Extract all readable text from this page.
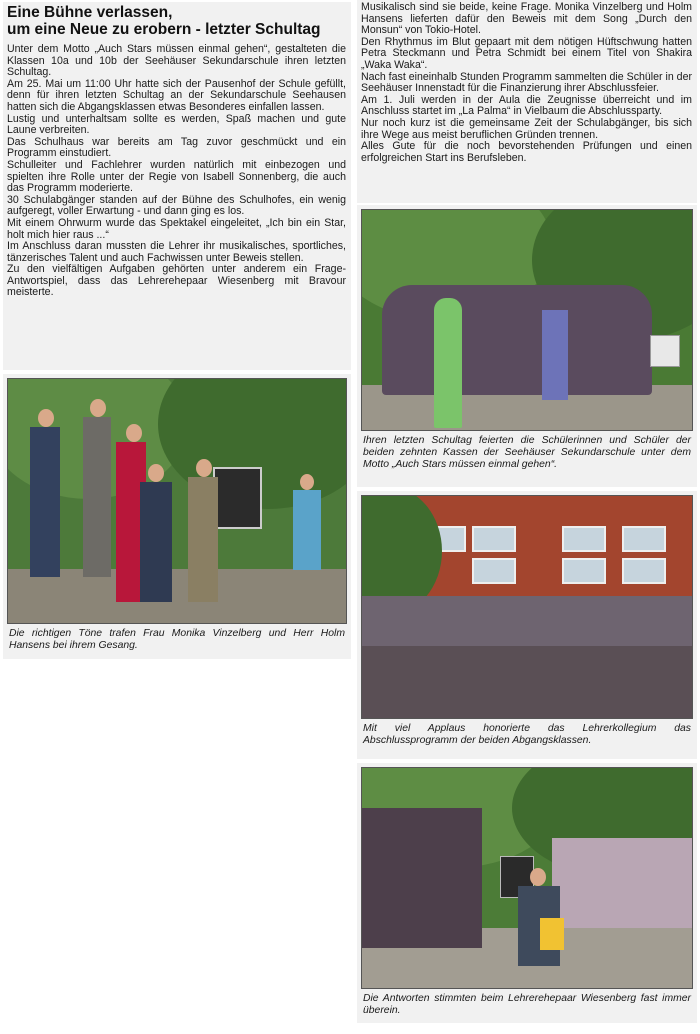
Eine Bühne verlassen,
um eine Neue zu erobern - letzter Schultag

Unter dem Motto „Auch Stars müssen einmal gehen“, gestalteten die Klassen 10a und 10b der Seehäuser Sekundarschule ihren letzten Schultag.

Am 25. Mai um 11:00 Uhr hatte sich der Pausenhof der Schule gefüllt, denn für ihren letzten Schultag an der Sekundarschule Seehausen hatten sich die Abgangsklassen etwas Besonderes einfallen lassen.

Lustig und unterhaltsam sollte es werden, Spaß machen und gute Laune verbreiten.

Das Schulhaus war bereits am Tag zuvor geschmückt und ein Programm einstudiert.

Schulleiter und Fachlehrer wurden natürlich mit einbezogen und spielten ihre Rolle unter der Regie von Isabell Sonnenberg, die auch das Programm moderierte.

30 Schulabgänger standen auf der Bühne des Schulhofes, ein wenig aufgeregt, voller Erwartung - und dann ging es los.

Mit einem Ohrwurm wurde das Spektakel eingeleitet, „Ich bin ein Star, holt mich hier raus ...“

Im Anschluss daran mussten die Lehrer ihr musikalisches, sportliches, tänzerisches Talent und auch Fachwissen unter Beweis stellen.

Zu den vielfältigen Aufgaben gehörten unter anderem ein Frage-Antwortspiel, dass das Lehrerehepaar Wiesenberg mit Bravour meisterte.

Die richtigen Töne trafen Frau Monika Vinzelberg und Herr Holm Hansens bei ihrem Gesang.

Musikalisch sind sie beide, keine Frage. Monika Vinzelberg und Holm Hansens lieferten dafür den Beweis mit dem Song „Durch den Monsun“ von Tokio-Hotel.

Den Rhythmus im Blut gepaart mit dem nötigen Hüftschwung hatten Petra Steckmann und Petra Schmidt bei einem Titel von Shakira „Waka Waka“.

Nach fast eineinhalb Stunden Programm sammelten die Schüler in der Seehäuser Innenstadt für die Finanzierung ihrer Abschlussfeier.

Am 1. Juli werden in der Aula die Zeugnisse überreicht und im Anschluss startet im „La Palma“ in Vielbaum die Abschlussparty.

Nur noch kurz ist die gemeinsame Zeit der Schulabgänger, bis sich ihre Wege aus meist beruflichen Gründen trennen.

Alles Gute für die noch bevorstehenden Prüfungen und einen erfolgreichen Start ins Berufsleben.

Ihren letzten Schultag feierten die Schülerinnen und Schüler der beiden zehnten Kassen der Seehäuser Sekundarschule unter dem Motto „Auch Stars müssen einmal gehen“.

Mit viel Applaus honorierte das Lehrerkollegium das Abschlussprogramm der beiden Abgangsklassen.

Die Antworten stimmten beim Lehrerehepaar Wiesenberg fast immer überein.
